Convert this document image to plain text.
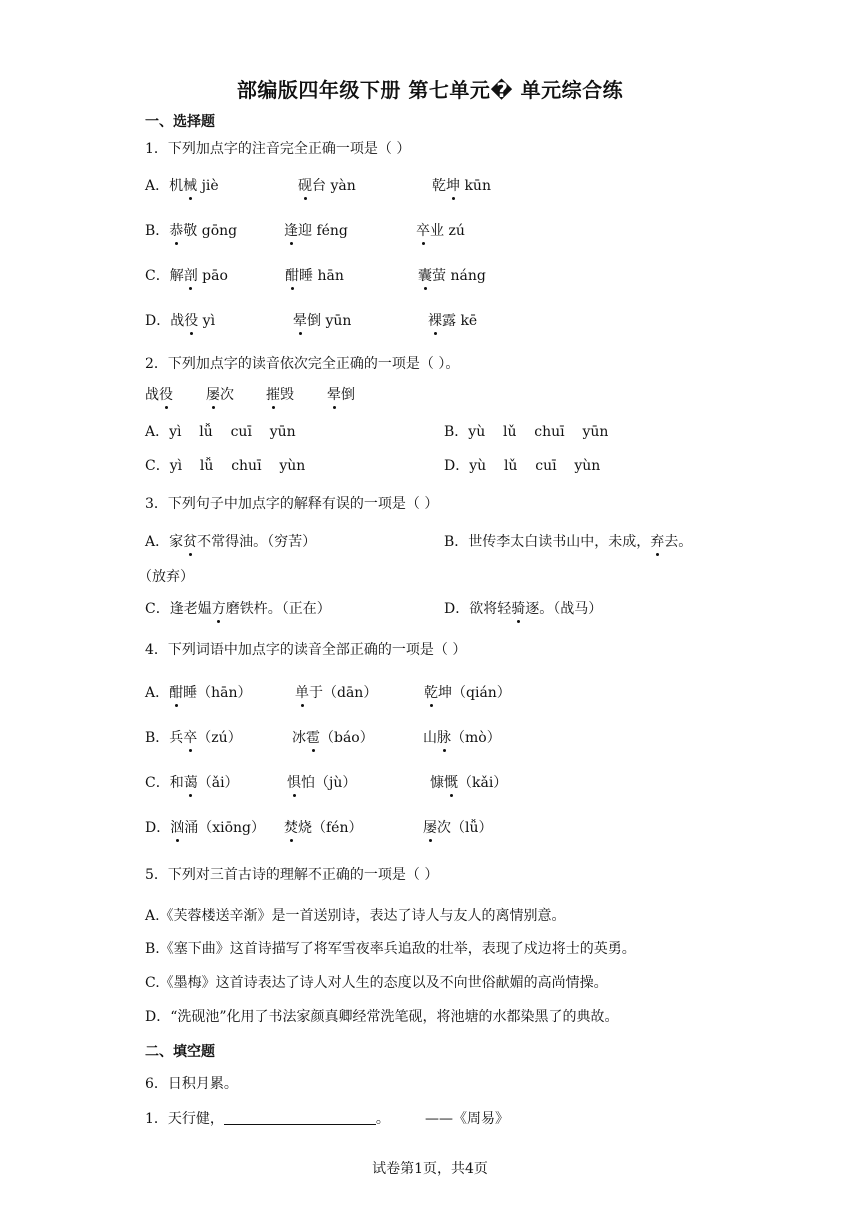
部编版四年级下册 第七单元� 单元综合练
一、选择题
1．下列加点字的注音完全正确一项是（ ）
A．机械 jiè	砚台 yàn	乾坤 kūn
B．恭敬 gōng	逢迎 féng	卒业 zú
C．解剖 pāo	酣睡 hān	囊萤 náng
D．战役 yì	晕倒 yūn	裸露 kē
2．下列加点字的读音依次完全正确的一项是（ ）。
战役 屡次 摧毁 晕倒
A．yì    lǚ    cuī    yūn	B．yù    lǔ    chuī    yūn
C．yì    lǚ    chuī    yùn	D．yù    lǔ    cuī    yùn
3．下列句子中加点字的解释有误的一项是（ ）
A．家贫不常得油。（穷苦）	B．世传李太白读书山中，未成，弃去。
（放弃）
C．逢老媪方磨铁杵。（正在）	D．欲将轻骑逐。（战马）
4．下列词语中加点字的读音全部正确的一项是（ ）
A．酣睡（hān）	单于（dān）	乾坤（qián）
B．兵卒（zú）	冰雹（báo）	山脉（mò）
C．和蔼（ǎi）	惧怕（jù）	慷慨（kǎi）
D．汹涌（xiōng） 焚烧（fén）	屡次（lǚ）
5．下列对三首古诗的理解不正确的一项是（ ）
A.《芙蓉楼送辛渐》是一首送别诗，表达了诗人与友人的离情别意。
B.《塞下曲》这首诗描写了将军雪夜率兵追敌的壮举，表现了戍边将士的英勇。
C.《墨梅》这首诗表达了诗人对人生的态度以及不向世俗献媚的高尚情操。
D．“洗砚池”化用了书法家颜真卿经常洗笔砚，将池塘的水都染黑了的典故。
二、填空题
6．日积月累。
1．天行健，	。	——《周易》
试卷第1页，共4页
